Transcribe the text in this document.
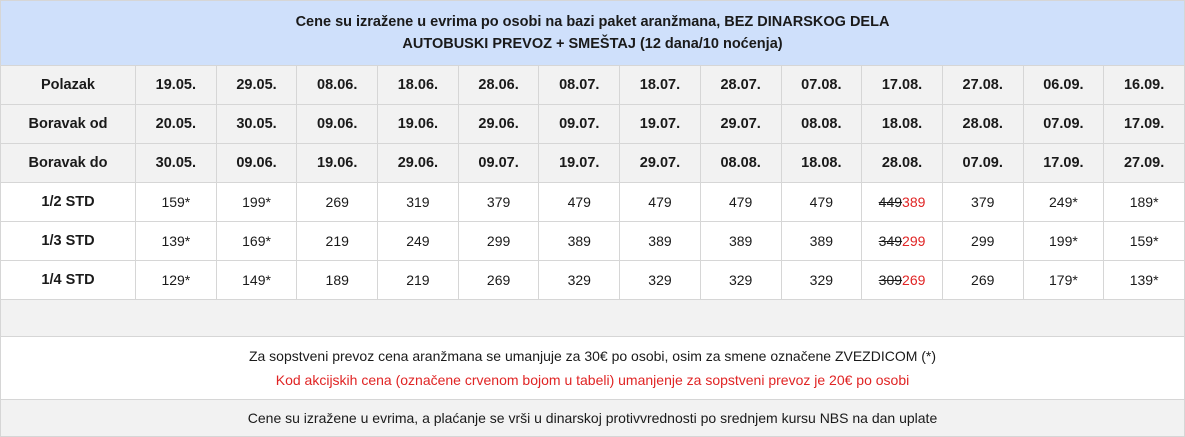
Cene su izražene u evrima po osobi na bazi paket aranžmana, BEZ DINARSKOG DELA
AUTOBUSKI PREVOZ + SMEŠTAJ (12 dana/10 noćenja)													

Polazak	19.05.	29.05.	08.06.	18.06.	28.06.	08.07.	18.07.	28.07.	07.08.	17.08.	27.08.	06.09.	16.09.
Boravak od	20.05.	30.05.	09.06.	19.06.	29.06.	09.07.	19.07.	29.07.	08.08.	18.08.	28.08.	07.09.	17.09.
Boravak do	30.05.	09.06.	19.06.	29.06.	09.07.	19.07.	29.07.	08.08.	18.08.	28.08.	07.09.	17.09.	27.09.
1/2 STD	159*	199*	269	319	379	479	479	479	479	449389	379	249*	189*
1/3 STD	139*	169*	219	249	299	389	389	389	389	349299	299	199*	159*
1/4 STD	129*	149*	189	219	269	329	329	329	329	309269	269	179*	139*

Za sopstveni prevoz cena aranžmana se umanjuje za 30€ po osobi, osim za smene označene ZVEZDICOM (*)
Kod akcijskih cena (označene crvenom bojom u tabeli) umanjenje za sopstveni prevoz je 20€ po osobi													

Cene su izražene u evrima, a plaćanje se vrši u dinarskoj protivvrednosti po srednjem kursu NBS na dan uplate													
